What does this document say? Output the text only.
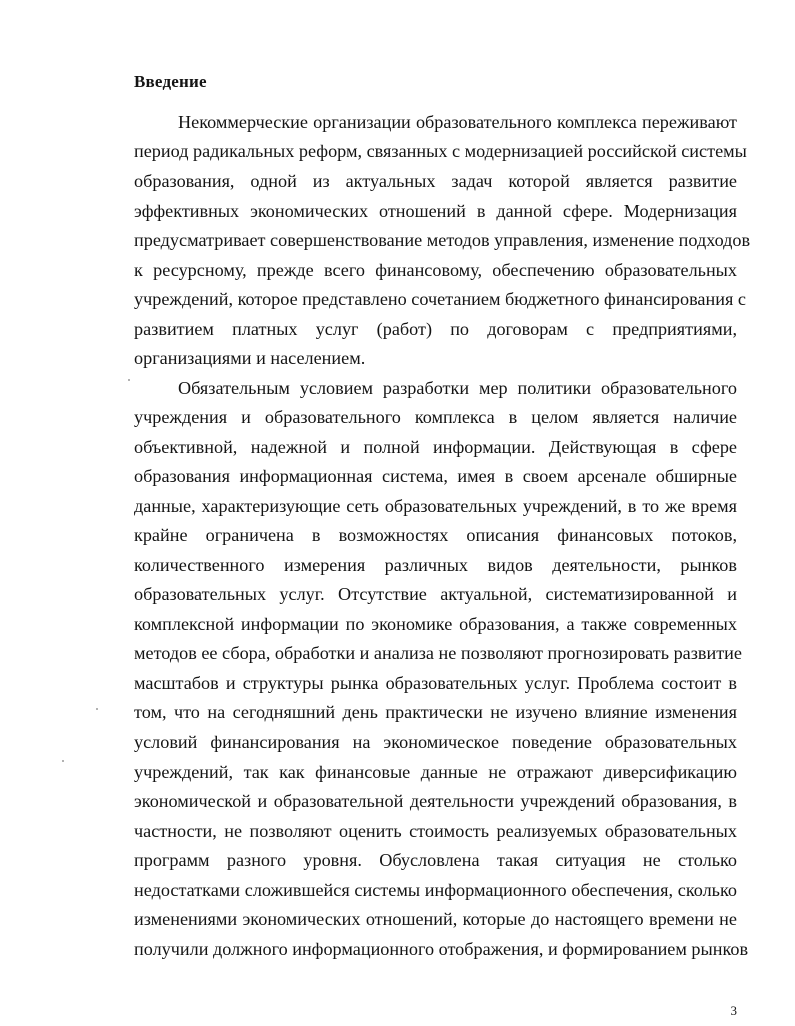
Введение
Некоммерческие организации образовательного комплекса переживают
период радикальных реформ, связанных с модернизацией российской системы
образования, одной из актуальных задач которой является развитие
эффективных экономических отношений в данной сфере. Модернизация
предусматривает совершенствование методов управления, изменение подходов
к ресурсному, прежде всего финансовому, обеспечению образовательных
учреждений, которое представлено сочетанием бюджетного финансирования с
развитием платных услуг (работ) по договорам с предприятиями,
организациями и населением.
Обязательным условием разработки мер политики образовательного
учреждения и образовательного комплекса в целом является наличие
объективной, надежной и полной информации. Действующая в сфере
образования информационная система, имея в своем арсенале обширные
данные, характеризующие сеть образовательных учреждений, в то же время
крайне ограничена в возможностях описания финансовых потоков,
количественного измерения различных видов деятельности, рынков
образовательных услуг. Отсутствие актуальной, систематизированной и
комплексной информации по экономике образования, а также современных
методов ее сбора, обработки и анализа не позволяют прогнозировать развитие
масштабов и структуры рынка образовательных услуг. Проблема состоит в
том, что на сегодняшний день практически не изучено влияние изменения
условий финансирования на экономическое поведение образовательных
учреждений, так как финансовые данные не отражают диверсификацию
экономической и образовательной деятельности учреждений образования, в
частности, не позволяют оценить стоимость реализуемых образовательных
программ разного уровня. Обусловлена такая ситуация не столько
недостатками сложившейся системы информационного обеспечения, сколько
изменениями экономических отношений, которые до настоящего времени не
получили должного информационного отображения, и формированием рынков
3
